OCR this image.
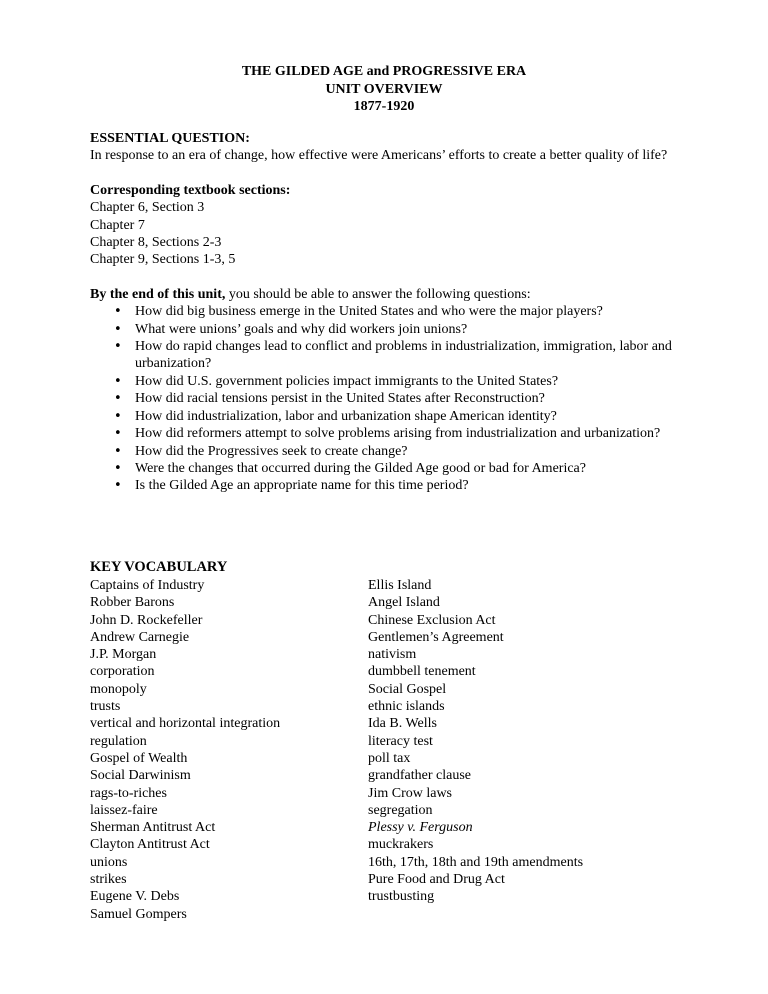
THE GILDED AGE and PROGRESSIVE ERA
UNIT OVERVIEW
1877-1920
ESSENTIAL QUESTION:
In response to an era of change, how effective were Americans’ efforts to create a better quality of life?
Corresponding textbook sections:
Chapter 6, Section 3
Chapter 7
Chapter 8, Sections 2-3
Chapter 9, Sections 1-3, 5
By the end of this unit, you should be able to answer the following questions:
• How did big business emerge in the United States and who were the major players?
• What were unions’ goals and why did workers join unions?
• How do rapid changes lead to conflict and problems in industrialization, immigration, labor and urbanization?
• How did U.S. government policies impact immigrants to the United States?
• How did racial tensions persist in the United States after Reconstruction?
• How did industrialization, labor and urbanization shape American identity?
• How did reformers attempt to solve problems arising from industrialization and urbanization?
• How did the Progressives seek to create change?
• Were the changes that occurred during the Gilded Age good or bad for America?
• Is the Gilded Age an appropriate name for this time period?
KEY VOCABULARY
Captains of Industry
Robber Barons
John D. Rockefeller
Andrew Carnegie
J.P. Morgan
corporation
monopoly
trusts
vertical and horizontal integration
regulation
Gospel of Wealth
Social Darwinism
rags-to-riches
laissez-faire
Sherman Antitrust Act
Clayton Antitrust Act
unions
strikes
Eugene V. Debs
Samuel Gompers
Ellis Island
Angel Island
Chinese Exclusion Act
Gentlemen’s Agreement
nativism
dumbbell tenement
Social Gospel
ethnic islands
Ida B. Wells
literacy test
poll tax
grandfather clause
Jim Crow laws
segregation
Plessy v. Ferguson
muckrakers
16th, 17th, 18th and 19th amendments
Pure Food and Drug Act
trustbusting
